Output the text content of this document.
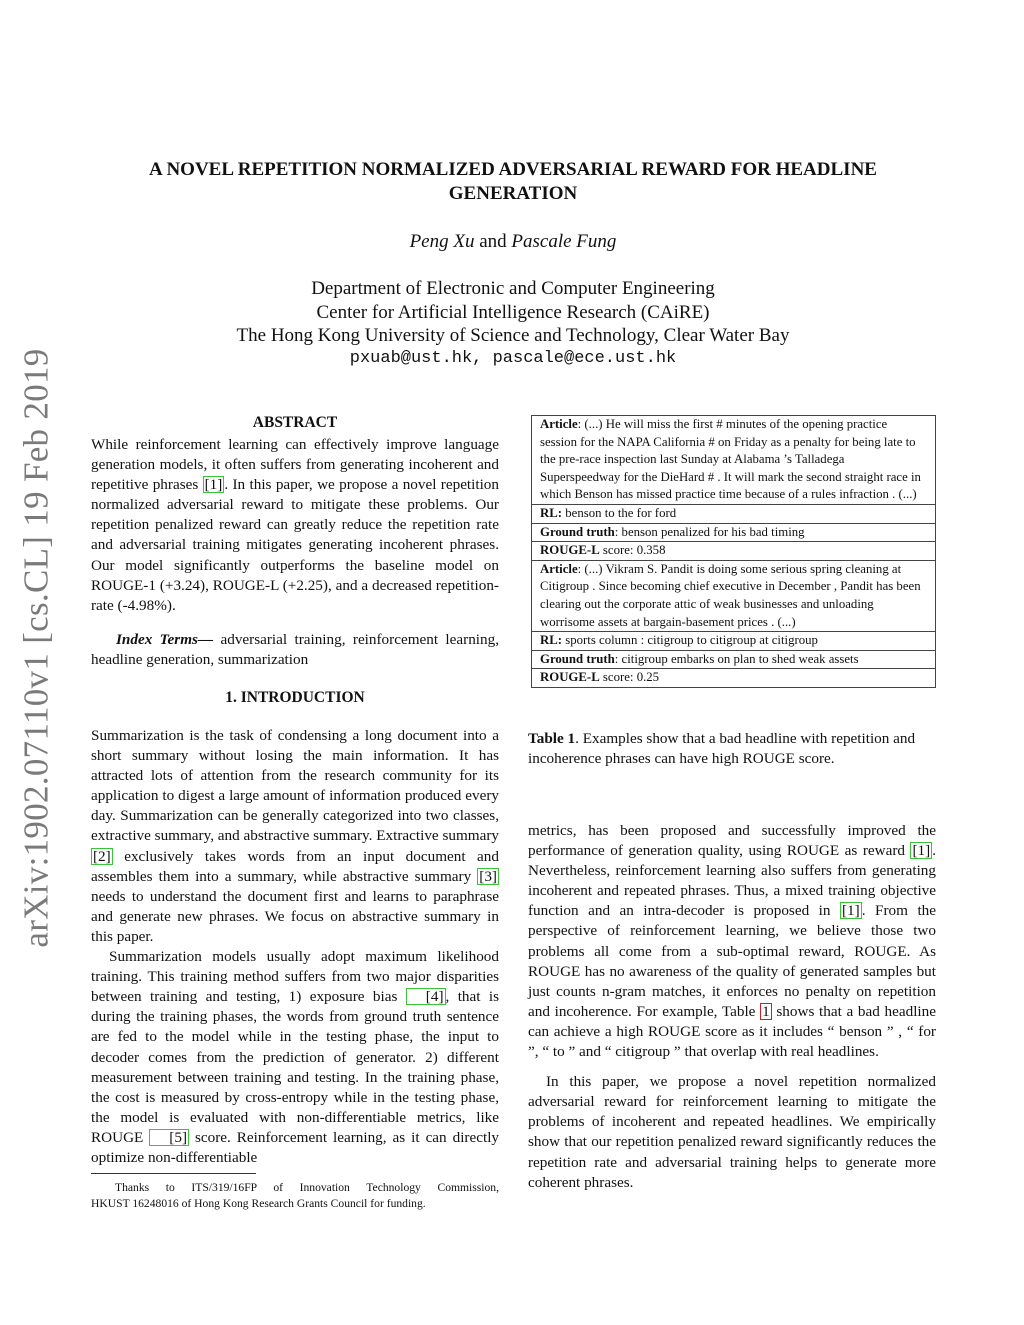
arXiv:1902.07110v1 [cs.CL] 19 Feb 2019
A NOVEL REPETITION NORMALIZED ADVERSARIAL REWARD FOR HEADLINE
GENERATION
Peng Xu and Pascale Fung
Department of Electronic and Computer Engineering
Center for Artificial Intelligence Research (CAiRE)
The Hong Kong University of Science and Technology, Clear Water Bay
pxuab@ust.hk, pascale@ece.ust.hk
ABSTRACT

While reinforcement learning can effectively improve language generation models, it often suffers from generating incoherent and repetitive phrases [1] . In this paper, we propose a novel repetition normalized adversarial reward to mitigate these problems. Our repetition penalized reward can greatly reduce the repetition rate and adversarial training mitigates generating incoherent phrases. Our model significantly outperforms the baseline model on ROUGE-1 (+3.24), ROUGE-L (+2.25), and a decreased repetition-rate (-4.98%).

Index Terms— adversarial training, reinforcement learning, headline generation, summarization

1. INTRODUCTION

Summarization is the task of condensing a long document into a short summary without losing the main information. It has attracted lots of attention from the research community for its application to digest a large amount of information produced every day. Summarization can be generally categorized into two classes, extractive summary, and abstractive summary. Extractive summary [2] exclusively takes words from an input document and assembles them into a summary, while abstractive summary [3] needs to understand the document first and learns to paraphrase and generate new phrases. We focus on abstractive summary in this paper.

Summarization models usually adopt maximum likelihood training. This training method suffers from two major disparities between training and testing, 1) exposure bias [4] , that is during the training phases, the words from ground truth sentence are fed to the model while in the testing phase, the input to decoder comes from the prediction of generator. 2) different measurement between training and testing. In the training phase, the cost is measured by cross-entropy while in the testing phase, the model is evaluated with non-differentiable metrics, like ROUGE [5] score. Reinforcement learning, as it can directly optimize non-differentiable

Thanks to ITS/319/16FP of Innovation Technology Commission,
HKUST 16248016 of Hong Kong Research Grants Council for funding.
Article: (...) He will miss the first # minutes of the opening practice session for the NAPA California # on Friday as a penalty for being late to the pre-race inspection last Sunday at Alabama ’s Talladega Superspeedway for the DieHard # . It will mark the second straight race in which Benson has missed practice time because of a rules infraction . (...)
RL: benson to the for ford
Ground truth: benson penalized for his bad timing
ROUGE-L score: 0.358
Article: (...) Vikram S. Pandit is doing some serious spring cleaning at Citigroup . Since becoming chief executive in December , Pandit has been clearing out the corporate attic of weak businesses and unloading worrisome assets at bargain-basement prices . (...)
RL: sports column : citigroup to citigroup at citigroup
Ground truth: citigroup embarks on plan to shed weak assets
ROUGE-L score: 0.25
Table 1. Examples show that a bad headline with repetition and incoherence phrases can have high ROUGE score.

metrics, has been proposed and successfully improved the performance of generation quality, using ROUGE as reward [1] . Nevertheless, reinforcement learning also suffers from generating incoherent and repeated phrases. Thus, a mixed training objective function and an intra-decoder is proposed in [1] . From the perspective of reinforcement learning, we believe those two problems all come from a sub-optimal reward, ROUGE. As ROUGE has no awareness of the quality of generated samples but just counts n-gram matches, it enforces no penalty on repetition and incoherence. For example, Table 1 shows that a bad headline can achieve a high ROUGE score as it includes “ benson ” , “ for ”, “ to ” and “ citigroup ” that overlap with real headlines.

In this paper, we propose a novel repetition normalized adversarial reward for reinforcement learning to mitigate the problems of incoherent and repeated headlines. We empirically show that our repetition penalized reward significantly reduces the repetition rate and adversarial training helps to generate more coherent phrases.
